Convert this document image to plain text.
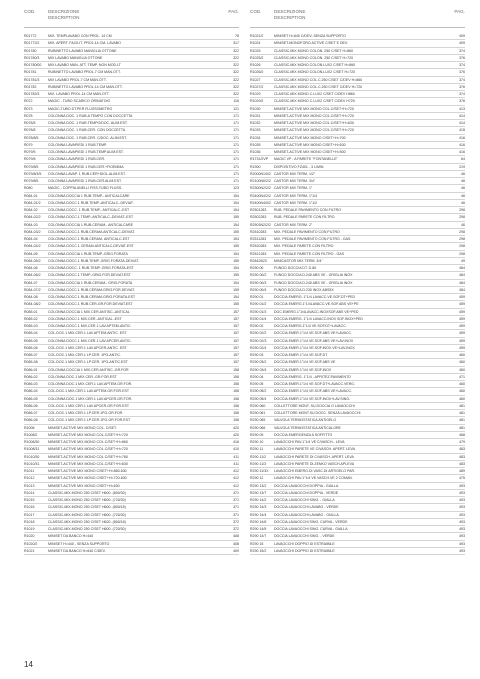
COD.	DESCRIZIONE
DESCRIPTION
PAG.
R01772	MIX. TEMPLAVABO CON PROL. 14 CM	78
R01772/2	MIX. APERT. FACILIT. PROL.14 CM- LAVABO	317
R01780	RUBINETTO LAVABO MANIGLIA OTTONE	322
R01780/3	MIX LAVABO MANIGLIA OTTONE	322
R01780/00	MIX LAVABO MAN. ATT. TEMP. NON MOD.LT	322
R01781	RUBINETTO LAVABO PROL.7 CM MAN.OTT.	322
R01781/3	MIX LAVABO PROL.7 CM MAN.OTT.	322
R01782	RUBINETTO LAVABO PROL.14 CM MAN.OTT.	322
R01782/3	MIX. LAVABO PROL.14 CM MAN.OTT.	322
R072	MAGIC - TUBO SCARICO ORINATOIO	116
R073	MAGIC-TUBO DT.PER FLUSSOMETRO	121
R078	COLONNA DOC. 1 RUB.A TEMPO CON DOCCETTA	171
R078/5	COLONNA DOC. 1 RUB.TEMPO/DOC. ALIM.EST.	171
R078/8	COLONNA DOC. 1 RUB.CER. CON DOCCETTA	171
R078/8/5	COLONNA DOC. 1 RUB.CER. C/DOC. ALIM.EST.	171
R079	COLONNA LAVAPIEDI 1 RUB.TEMP.	171
R079/5	COLONNA LAVAPIEDI 1 RUB.TEMP.ALIM.EST.	171
R079/8	COLONNA LAVAPIEDI 1 RUB.CER.	171
R079/8/5	COLONNA LAVAPIEDI 1 RUB.CER.+FIOEMMA	171
R079/8/3/5	COLONNA LAVAP. 1 RUB.CER+DIOL.ALIM.EST.	171
R079/8/5	COLONNA LAVAPIEDI 1 RUB.CER.ALIM.EST.	171
R080	MAGIC - COPPIA ANELLI FISS.TUBO FLUSS.	123
R084-01	COLONNA DOCCIA 1 RUB.TEMP.- ANTICALCARE	154
R084-01/2	COLONNA DOCC.1 RUB.TEMP.-ANTICALC.-DEVIAT.	154
R084-02	COLONNA DOCC. 1 RUB.TEMP.- ANTICALC.-EST	154
R084-02/2	COLONNA DOCC.1 TEMP.-ANTICALC.-DEVIAT.-EST	155
R084-03	COLONNA DOCCIA 1 RUB.CERAM.- ANTICALCARE	154
R084-03/2	COLONNA DOCC.1 RUB.CERAM-ANTICALC-DEVIAT.	155
R084-04	COLONNA DOCC.1 RUB.CERAM- ANTICALC-EST	154
R084-04/2	COLONNA DOCC.1 CERAM-ANTICALC-DEVIAT-EST	155
R084-05	COLONNA DOCCIA 1 RUB.TEMP.-GRIG.FORATA	154
R084-05/2	COLONNA DOCC.1 RUB.TEMP.-GRIG.FORATA-DEVIAT.	155
R084-06	COLONNA DOCC. 1 RUB.TEMP.-GRIG.FORATA-EST	154
R084-06/2	COLONNA DOCC.1 TEMP.-GRIG.FOR.DEVIAT.EST	155
R084-07	COLONNA DOCCIA 1 RUB.CERAM.- GRIG.FORATA	154
R084-07/2	COLONNA DOCC.1 RUB.CERAM-GRIG.FOR.DEVIAT.	155
R084-08	COLONNA DOCC.1 RUB.CERAM-GRIG.FORATA-EST	154
R084-08/2	COLONNA DOCC.1 RUB.CER-GR.FOR.DEVIAT.EST	155
R085-01	COLONNA DOCCIA 1 MIX.CER.ANTISC.-ANTICAL	157
R085-02	COLONNA DOCC.1 MIX.CER.-ANTICAL.-EST	157
R085-03	COLONNA DOCC.1 MIX.CER.1 LAV.APTEM-ANTIC.	157
R085-04	COL.DOC.1 MIX.CER.1 LAV.APTEM.ANTIC. EST	157
R085-05	COLONNA DOCC.1 MIX.CER.1 LAV.APCER-ANTIC.	157
R085-06	COL.DOC.1 MIX.CER.1 LAV.APCER-ANTIC. EST	157
R085-07	COL.DOC.1 MIX.CER.1 LP.CER. 1PG-ANTIC.	157
R085-08	COL.DOC.1 MIX.CER.1 LP.CER. 1PG-ANTIC.EST	157
R086-01	COLONNA DOCCIA 1 MIX.CER.ANTISC.-GR.FOR	158
R086-02	COLONNA DOC.1 MIX.CER.-GR.FOR.EST	158
R086-03	COLONNA DOC.1 MIX.CER.1 LAV.APTEM-GR.FOR.	158
R086-04	COL.DOC.1 MIX.CER.1 LAV.APTEM-GR.FOR.EST	158
R086-05	COLONNA DOC.1 MIX.CER.1 LAV.APCER-GR.FOR.	158
R086-06	COL.DOC.1 MIX.CER.1 LAV.APCER-GR.FOR.EST	158
R086-07	COL.DOC.1 MIX.CER.1 LP.CER.1PG-GR.FOR.	158
R086-08	COL.DOC.1 MIX.CER.1 LP.CER.1PG-GR.FOR.EST	158
R1008	MINISET-ACTIVE MIX MONO COL. C/SET.	420
R1008/2	MINISET-ACTIVE MIX MONO COL.C/SET+H=720	420
R1008/30	MINISET-ACTIVE MIX MONO COL.C/SET+H=860	416
R1008/31	MINISET-ACTIVE MIX MONO COL.C/SET+H=720	410
R1010/30	MINISET-ACTIVE MIX MONO COL.C/SET+H=780	411
R1010/31	MINISET-ACTIVE MIX MONO COL.C/SET+H=630	411
R1011	MINISET-ACTIVE MIX MONO C/SET+H=860-630	412
R1012	MINISET-ACTIVE MIX MONO C/SET+H=720-630	412
R1013	MINISET-ACTIVE MIX MONO C/SET+H=630	412
R1014	CLASSIC-MIX.MONO 250 C/SET H600 -(800/30)	371
R1015	CLASSIC-MIX.MONO 250 C/SET H600 -(720/30)	371
R1016	CLASSIC-MIX.MONO 250 C/SET H600 -(800/18)	371
R1017	CLASSIC-MIX.MONO 250 C/SET H600 -(720/30)	371
R1018	CLASSIC-MIX.MONO 250 C/SET H620 -(800/18)	372
R1019	CLASSIC-MIX.MONO 250 C/SET H600 -(720/30)	372
R1020	MINISET DA BANCO H=440	408
R1020/2	MINISET H=440 - SENZA SUPPORTO	408
R1021	MINISET DA BANCO H=640 C/DEV.	409
COD.	DESCRIZIONE
DESCRIPTION
PAG.
R1021/2	MINISET H=640 C/DEV.-SENZA SUPPORTO	409
R1024	MINISET-MONOFORO ACTIVE C/SET E DEV.	409
R1025	CLASSIC-MIX MONO COLON. 250 C/SET H=860	374
R1025/2	CLASSIC-MIX MONO COLON. 250 C/SET H=720	376
R1026	CLASSIC-MIX MONO COLON.LUX2 C/SET H=860	374
R1026/2	CLASSIC-MIX MONO COLON.LUX2 C/SET H=720	376
R1027	CLASSIC-MIX MONO COL.C.250 C/SET C/DEV H=860	374
R1027/2	CLASSIC-MIX MONO COL.C.250 C/SET C/DEV H=720	376
R1029	CLASSIC-MIX MONO C.LUX2 C/SET C/DEV H860	374
R1029/2	CLASSIC-MIX MONO C.LUX2 C/SET C/DEV H720	376
R1030	MINISET-ACTIVE MIX MONO COL.C/SET+H=720	413
R1031	MINISET-ACTIVE MIX MONO COL.C/SET+H=720	414
R1032	MINISET-ACTIVE MIX MONO COL.C/SET+H=630	414
R1033	MINISET-ACTIVE MIX MONO COL.C/SET+H=720	415
R1034	MINISET-ACTIVE MIX MONO C/SET+H=700	416
R1035	MINISET-ACTIVE MIX MONO C/SET+H=630	416
R1036	MINISET-ACTIVE MIX MONO C/SET+H=500	416
R1731/2VP	MAGIC VP - A PARETE "FONTANELLE"	64
R1900	DISPOSITIVO FZ401 - 3 L/MIN	219
R2000N1/0/2 CASTOR MIX TERM. 1/2"	46
R2100N0/2/2 CASTOR MIX TERM. 3/4"	46
R2300N2/2/2 CASTOR MIX TERM. 1"	46
R2400N4/2/2 CASTOR MIX TERM. 1"1/4	46
R2400N4/0/2 CASTOR MIX TERM. 1"1/2	46
R2501283	RUB. PEDALE PAVIMENTO CON FILTRO	298
R2502283	RUB. PEDALE PARETE CON FILTRO	298
R2503N2/2/2 CASTOR MIX TERM. 2"	46
R2510283	MIX. PEDALE PAVIMENTO CON FILTRO	298
R2511283	MIX. PEDALE PAVIMENTO CON FILTRO - GAS	298
R2520283	MIX. PEDALE PARETE CON FILTRO	298
R2521283	MIX. PEDALE PARETE CON FILTRO - GAS	298
R2842B23	MINICASTOR MIX TERM. 3/4"	49
R290 00	FUNGO DOCCIA DT. D.80	484
R290 00/2	FUNGO DOCCIA D.240 ABS VE - GRIGLIA INOX	484
R290 00/3	FUNGO DOCCIA D.240 ABS VE - GRIGLIA INOX	484
R290 00/4	FUNGO DOCCIA D.230 INOX ABS5X	484
R290 01	DOCCIA EMERG. 1"1/4 LAVACC.VE.SOF.DT+PED	459
R290 01/2	DOCCIA EMERG.1"1/4LAVACC.VE.SOF.ABS VE+PE	459
R290 01/3	DOC.EMERG.1"1/4LAVACC.INOXSOF.ABS VE+PED	459
R290 01/4	DOCCIA EMERG. 1"1/4 LAVACC.INOX SOF.INOX+PED	459
R290 02	DOCCIA EMERG.1"1/4 VE.SOF.DT+LAVACC.	459
R290 02/2	DOCCIA EMER.1"1/4 VE.SOF.ABS VE+LAVACC.	459
R290 02/3	DOCCIA EMER.1"1/4 VE.SOF.ABS VE+LAV.INOX	459
R290 02/4	DOCCIA EMER.1"1/4 VE.SOF.INOX VE+LAV.INOX	459
R290 03	DOCCIA EMER.1"1/4 VE.SOF.DT	460
R290 03/2	DOCCIA EMER.1"1/4 VE.SOF.ABS VE	460
R290 03/4	DOCCIA EMER.1"1/4 VE.SOF.INOX	460
R290 04	DOCCIA EMERG. 1"1/4 - APRITEZ.PAVIMENTO	471
R290 05	DOCCIA EMER.1"1/4 VE.SOF.DT+LAVACC.VERG.	460
R290 05/2	DOCCIA EMER.1"1/4 VE.SOF.ABS VE+LAVACC.	460
R290 05/4	DOCCIA EMER.1"1/4 VE.SOF.INOX+LAV.SING.	460
R290 060	COLLETTORE MONT. SU DOCCIA O LAVAOCCHI	481
R290 061	COLLETTORE MONT.SU DOCC. SENZA LAVAOCCHI	481
R290 065	VALVOLA TERMOSTATICA ANTIGELO	481
R290 066	VALVOLA TERMOSTATICA ANTICALORE	481
R290 09	DOCCIA EMERGENZA A SOFFITTO	468
R290 10	LAVAOCCHI PAV.1"1/4 VE C/VASCH.- LEVA	479
R290 11	LAVAOCCHI PARETE VE C/VASCH. APERT. LEVA	483
R290 11/2	LAVAOCCHI PARETE DI C/VASCH. APERT. LEVA	483
R290 11/3	LAVAOCCHI PARETE DI.ZENKO VASCH.APLEVA	483
R290 11/3X	LAVAOCCHI EMERG.DI VASC.DI ARTIGELO PAR.	489
R290 12	LAVAOCCHI PAV.1"1/4 VE VASCH.VE 2 COMAN.	475
R290 13/2	DOCCIA LAVAOCCHI DOPPIA - GIALLA	493
R290 13/7	DOCCIA LAVAOCCHI DOPPIA - VERDE	493
R290 14/2	DOCCIA LAVAOCCHI SING. - GIALLA	493
R290 14/3	DOCCIA LAVAOCCHI LAVABO - VERDE	493
R290 14/4	DOCCIA LAVAOCCHI LAVABO - GIALLA	493
R290 14/6	DOCCIA LAVAOCCHI SING. CURVA - VERDE	493
R290 14/5	DOCCIA LAVAOCCHI SING. CURVA - GIALLA	493
R290 14/7	DOCCIA LAVAOCCHI SING. - VERDE	493
R290 15	LAVAOCCHI DOPPIO DI ESTRAIBILE	493
R290 15/2	LAVAOCCHI DOPPIO DI ESTRAIBILE	493
14
